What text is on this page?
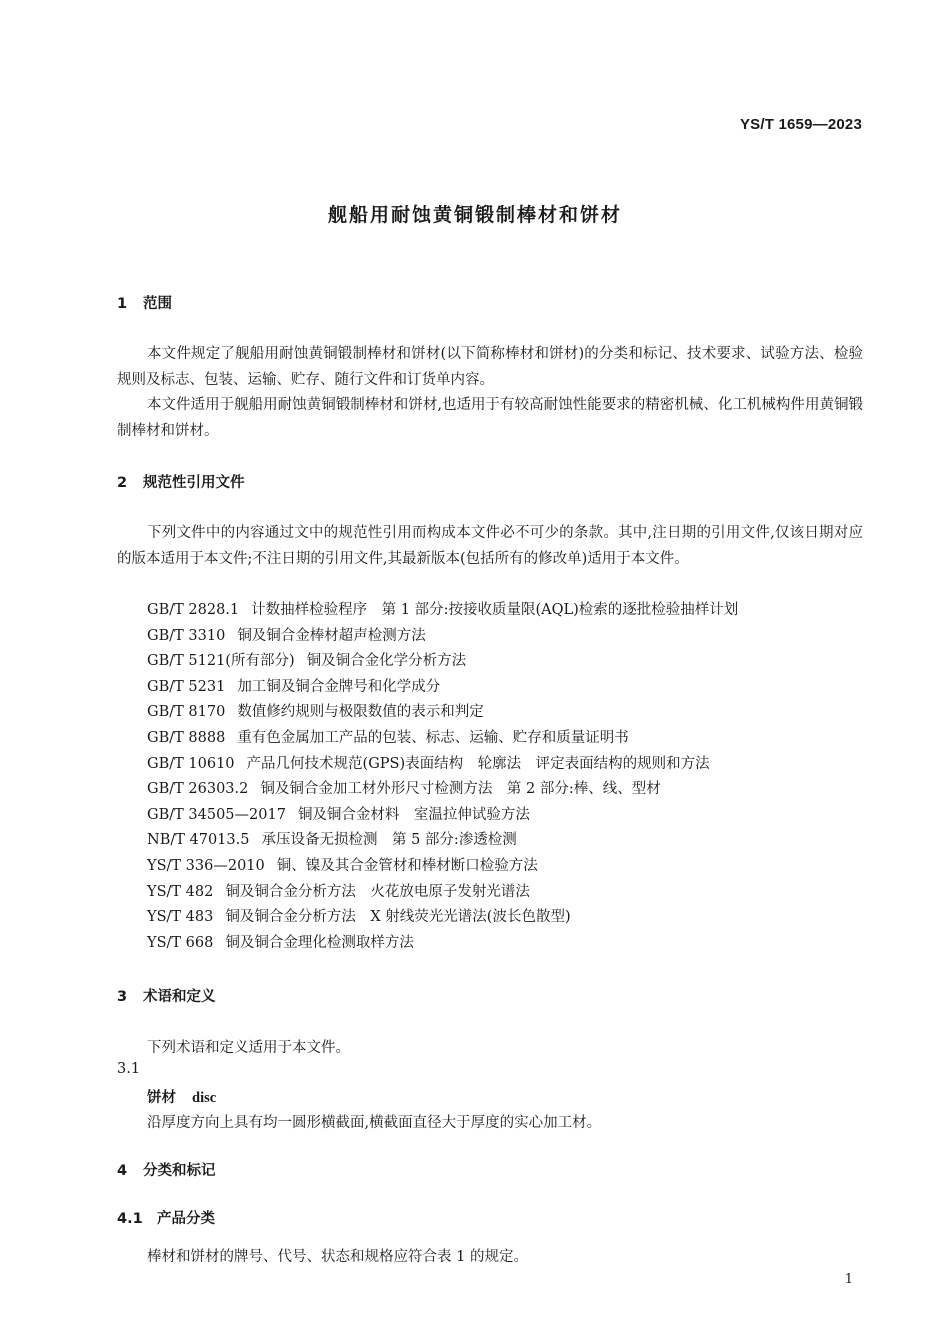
YS/T 1659—2023
舰船用耐蚀黄铜锻制棒材和饼材
1 范围
本文件规定了舰船用耐蚀黄铜锻制棒材和饼材(以下简称棒材和饼材)的分类和标记、技术要求、试验方法、检验规则及标志、包装、运输、贮存、随行文件和订货单内容。
本文件适用于舰船用耐蚀黄铜锻制棒材和饼材,也适用于有较高耐蚀性能要求的精密机械、化工机械构件用黄铜锻制棒材和饼材。
2 规范性引用文件
下列文件中的内容通过文中的规范性引用而构成本文件必不可少的条款。其中,注日期的引用文件,仅该日期对应的版本适用于本文件;不注日期的引用文件,其最新版本(包括所有的修改单)适用于本文件。
GB/T 2828.1 计数抽样检验程序　第 1 部分:按接收质量限(AQL)检索的逐批检验抽样计划
GB/T 3310 铜及铜合金棒材超声检测方法
GB/T 5121(所有部分) 铜及铜合金化学分析方法
GB/T 5231 加工铜及铜合金牌号和化学成分
GB/T 8170 数值修约规则与极限数值的表示和判定
GB/T 8888 重有色金属加工产品的包装、标志、运输、贮存和质量证明书
GB/T 10610 产品几何技术规范(GPS)表面结构　轮廓法　评定表面结构的规则和方法
GB/T 26303.2 铜及铜合金加工材外形尺寸检测方法　第 2 部分:棒、线、型材
GB/T 34505—2017 铜及铜合金材料　室温拉伸试验方法
NB/T 47013.5 承压设备无损检测　第 5 部分:渗透检测
YS/T 336—2010 铜、镍及其合金管材和棒材断口检验方法
YS/T 482 铜及铜合金分析方法　火花放电原子发射光谱法
YS/T 483 铜及铜合金分析方法　X 射线荧光光谱法(波长色散型)
YS/T 668 铜及铜合金理化检测取样方法
3 术语和定义
下列术语和定义适用于本文件。
3.1
饼材 disc
沿厚度方向上具有均一圆形横截面,横截面直径大于厚度的实心加工材。
4 分类和标记
4.1 产品分类
棒材和饼材的牌号、代号、状态和规格应符合表 1 的规定。
1
